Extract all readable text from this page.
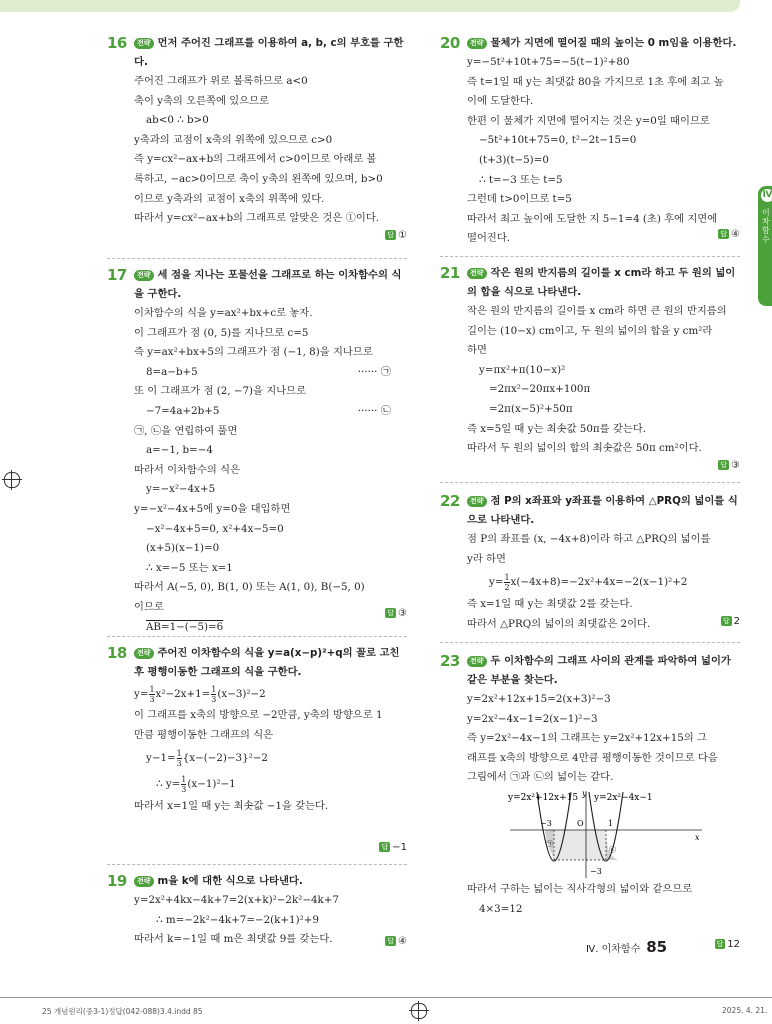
16	전략 먼저 주어진 그래프를 이용하여 a, b, c의 부호를 구한다.
주어진 그래프가 위로 볼록하므로 a<0
축이 y축의 오른쪽에 있으므로
ab<0 ∴ b>0
y축과의 교점이 x축의 위쪽에 있으므로 c>0
즉 y=cx²−ax+b의 그래프에서 c>0이므로 아래로 볼
록하고, −ac>0이므로 축이 y축의 왼쪽에 있으며, b>0
이므로 y축과의 교점이 x축의 위쪽에 있다.
따라서 y=cx²−ax+b의 그래프로 알맞은 것은 ①이다.
답 ①
17	전략 세 점을 지나는 포물선을 그래프로 하는 이차함수의 식을 구한다.
이차함수의 식을 y=ax²+bx+c로 놓자.
이 그래프가 점 (0, 5)를 지나므로 c=5
즉 y=ax²+bx+5의 그래프가 점 (−1, 8)을 지나므로
8=a−b+5	······ ㉠
또 이 그래프가 점 (2, −7)을 지나므로
−7=4a+2b+5	······ ㉡
㉠, ㉡을 연립하여 풀면
a=−1, b=−4
따라서 이차함수의 식은
y=−x²−4x+5
y=−x²−4x+5에 y=0을 대입하면
−x²−4x+5=0, x²+4x−5=0
(x+5)(x−1)=0
∴ x=−5 또는 x=1
따라서 A(−5, 0), B(1, 0) 또는 A(1, 0), B(−5, 0)
이므로
AB=1−(−5)=6
답 ③
18	전략 주어진 이차함수의 식을 y=a(x−p)²+q의 꼴로 고친 후 평행이동한 그래프의 식을 구한다.
$y= \frac{1}{3} x^2-2x+1= \frac{1}{3} (x-3)^2-2$
이 그래프를 x축의 방향으로 −2만큼, y축의 방향으로 1
만큼 평행이동한 그래프의 식은
$y-1= \frac{1}{3} \{x-(-2)-3\}^2-2$
∴ $y= \frac{1}{3} (x-1)^2-1$
따라서 x=1일 때 y는 최솟값 −1을 갖는다.
답 −1
19	전략 m을 k에 대한 식으로 나타낸다.
y=2x²+4kx−4k+7=2(x+k)²−2k²−4k+7
∴ m=−2k²−4k+7=−2(k+1)²+9
따라서 k=−1일 때 m은 최댓값 9를 갖는다.	답 ④
20	전략 물체가 지면에 떨어질 때의 높이는 0 m임을 이용한다.
y=−5t²+10t+75=−5(t−1)²+80
즉 t=1일 때 y는 최댓값 80을 가지므로 1초 후에 최고 높
이에 도달한다.
한편 이 물체가 지면에 떨어지는 것은 y=0일 때이므로
−5t²+10t+75=0, t²−2t−15=0
(t+3)(t−5)=0
∴ t=−3 또는 t=5
그런데 t>0이므로 t=5
따라서 최고 높이에 도달한 지 5−1=4 (초) 후에 지면에
떨어진다.	답 ④
21	전략 작은 원의 반지름의 길이를 x cm라 하고 두 원의 넓이의 합을 식으로 나타낸다.
작은 원의 반지름의 길이를 x cm라 하면 큰 원의 반지름의
길이는 (10−x) cm이고, 두 원의 넓이의 합을 y cm²라
하면
y=πx²+π(10−x)²
=2πx²−20πx+100π
=2π(x−5)²+50π
즉 x=5일 때 y는 최솟값 50π를 갖는다.
따라서 두 원의 넓이의 합의 최솟값은 50π cm²이다.
답 ③
22	전략 점 P의 x좌표와 y좌표를 이용하여 △PRQ의 넓이를 식으로 나타낸다.
점 P의 좌표를 (x, −4x+8)이라 하고 △PRQ의 넓이를
y라 하면
$y= \frac{1}{2} x(-4x+8)=-2x^2+4x=-2(x-1)^2+2$
즉 x=1일 때 y는 최댓값 2를 갖는다.
따라서 △PRQ의 넓이의 최댓값은 2이다.	답 2
23	전략 두 이차함수의 그래프 사이의 관계를 파악하여 넓이가 같은 부분을 찾는다.
y=2x²+12x+15=2(x+3)²−3
y=2x²−4x−1=2(x−1)²−3
즉 y=2x²−4x−1의 그래프는 y=2x²+12x+15의 그
래프를 x축의 방향으로 4만큼 평행이동한 것이므로 다음
그림에서 ㉠과 ㉡의 넓이는 같다.
y=2x²+12x+15 y=2x²−4x−1
y
x
O
−3	1
−3
㉠
㉡
따라서 구하는 넓이는 직사각형의 넓이와 같으므로
4×3=12
답 12
Ⅳ
이차함수
Ⅳ. 이차함수 85
25 개념원리(중3-1)정답(042-088)3.4.indd 85	2025. 4. 21.
